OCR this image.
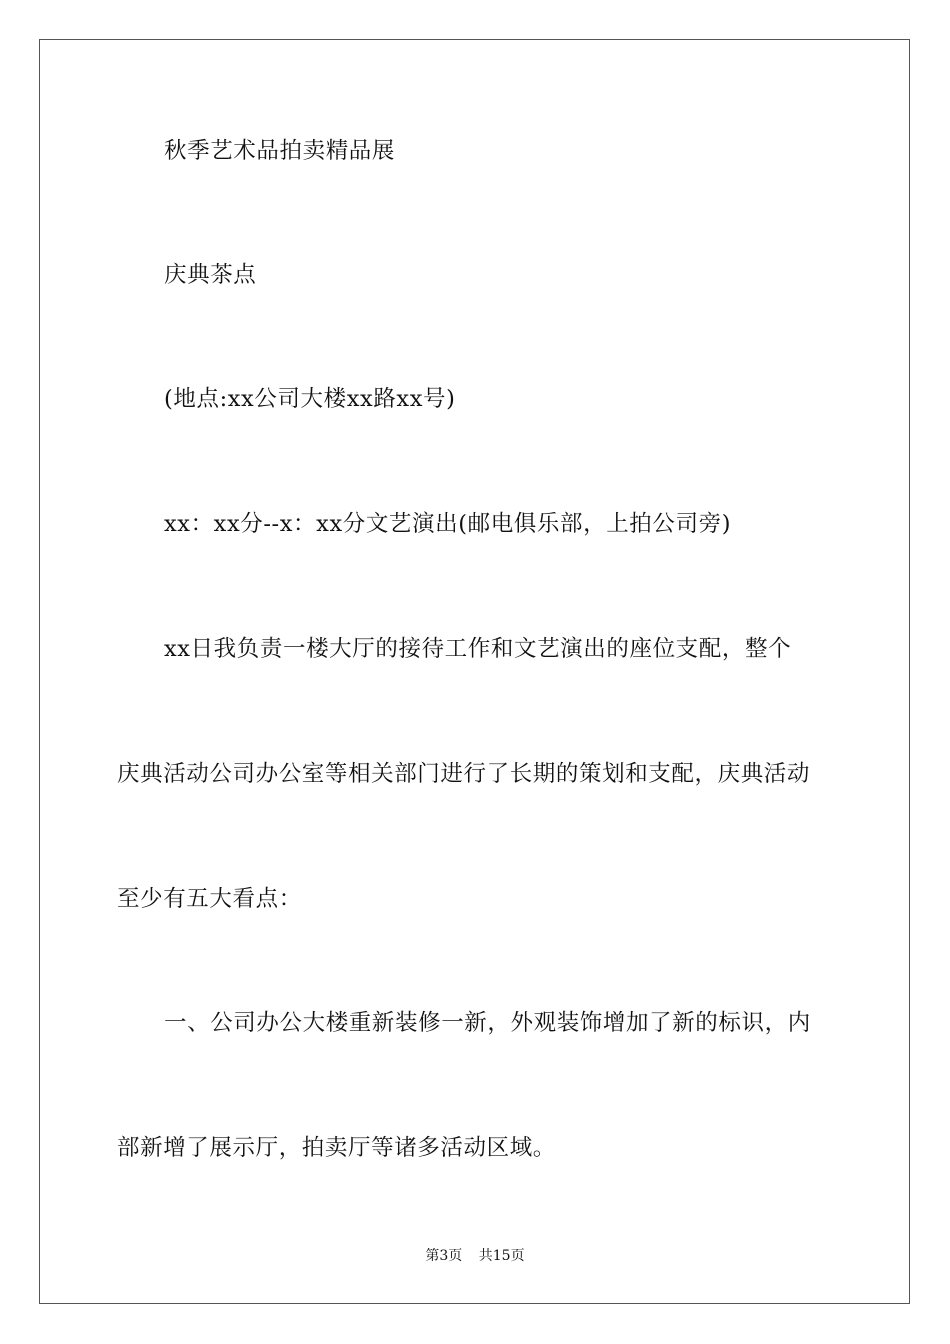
秋季艺术品拍卖精品展
庆典茶点
(地点:xx公司大楼xx路xx号)
xx：xx分--x：xx分文艺演出(邮电俱乐部，上拍公司旁)
xx日我负责一楼大厅的接待工作和文艺演出的座位支配，整个
庆典活动公司办公室等相关部门进行了长期的策划和支配，庆典活动
至少有五大看点：
一、公司办公大楼重新装修一新，外观装饰增加了新的标识，内
部新增了展示厅，拍卖厅等诸多活动区域。
第3页 共15页
